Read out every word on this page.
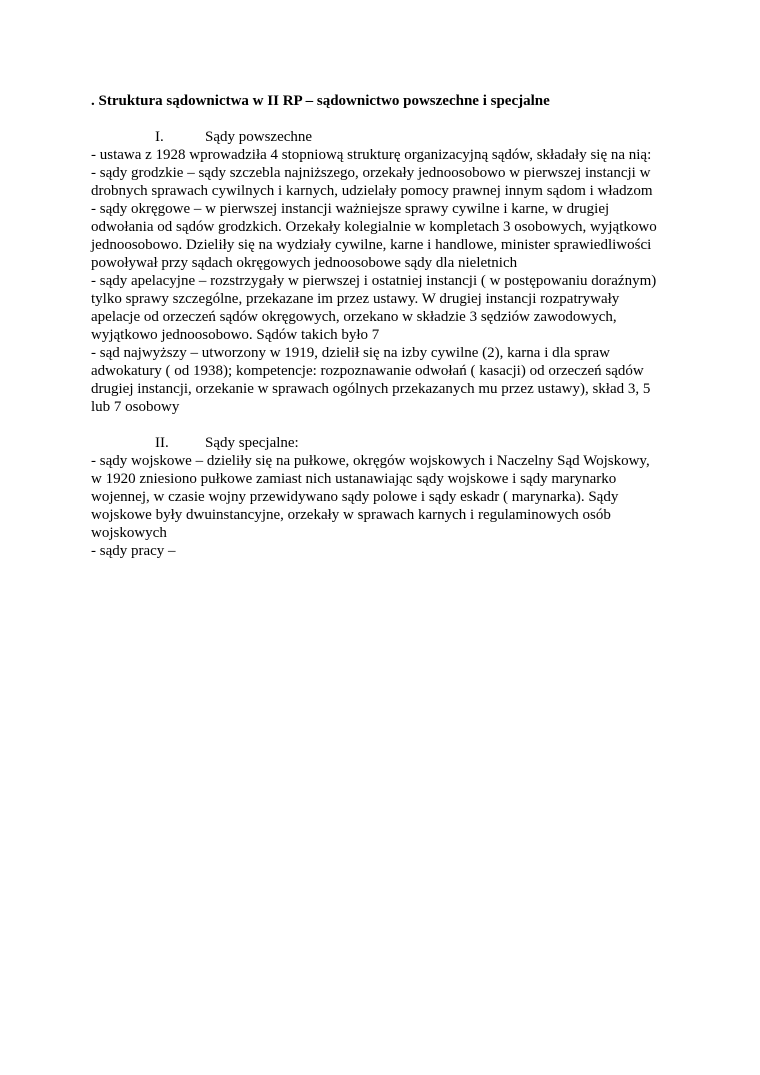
. Struktura sądownictwa w II RP – sądownictwo powszechne i specjalne
I.	Sądy powszechne
- ustawa z 1928 wprowadziła 4 stopniową strukturę organizacyjną sądów, składały się na nią:
- sądy grodzkie – sądy szczebla najniższego, orzekały jednoosobowo w pierwszej instancji w
drobnych sprawach cywilnych i karnych, udzielały pomocy prawnej innym sądom i władzom
- sądy okręgowe – w pierwszej instancji ważniejsze sprawy cywilne i karne, w drugiej
odwołania od sądów grodzkich. Orzekały kolegialnie w kompletach 3 osobowych, wyjątkowo
jednoosobowo. Dzieliły się na wydziały cywilne, karne i handlowe, minister sprawiedliwości
powoływał przy sądach okręgowych jednoosobowe sądy dla nieletnich
- sądy apelacyjne – rozstrzygały w pierwszej i ostatniej instancji ( w postępowaniu doraźnym)
tylko sprawy szczególne, przekazane im przez ustawy. W drugiej instancji rozpatrywały
apelacje od orzeczeń sądów okręgowych, orzekano w składzie 3 sędziów zawodowych,
wyjątkowo jednoosobowo. Sądów takich było 7
- sąd najwyższy – utworzony w 1919, dzielił się na izby cywilne (2), karna i dla spraw
adwokatury ( od 1938); kompetencje: rozpoznawanie odwołań ( kasacji) od orzeczeń sądów
drugiej instancji, orzekanie w sprawach ogólnych przekazanych mu przez ustawy), skład 3, 5
lub 7 osobowy
II. Sądy specjalne:
- sądy wojskowe – dzieliły się na pułkowe, okręgów wojskowych i Naczelny Sąd Wojskowy,
w 1920 zniesiono pułkowe zamiast nich ustanawiając sądy wojskowe i sądy marynarko
wojennej, w czasie wojny przewidywano sądy polowe i sądy eskadr ( marynarka). Sądy
wojskowe były dwuinstancyjne, orzekały w sprawach karnych i regulaminowych osób
wojskowych
- sądy pracy –
